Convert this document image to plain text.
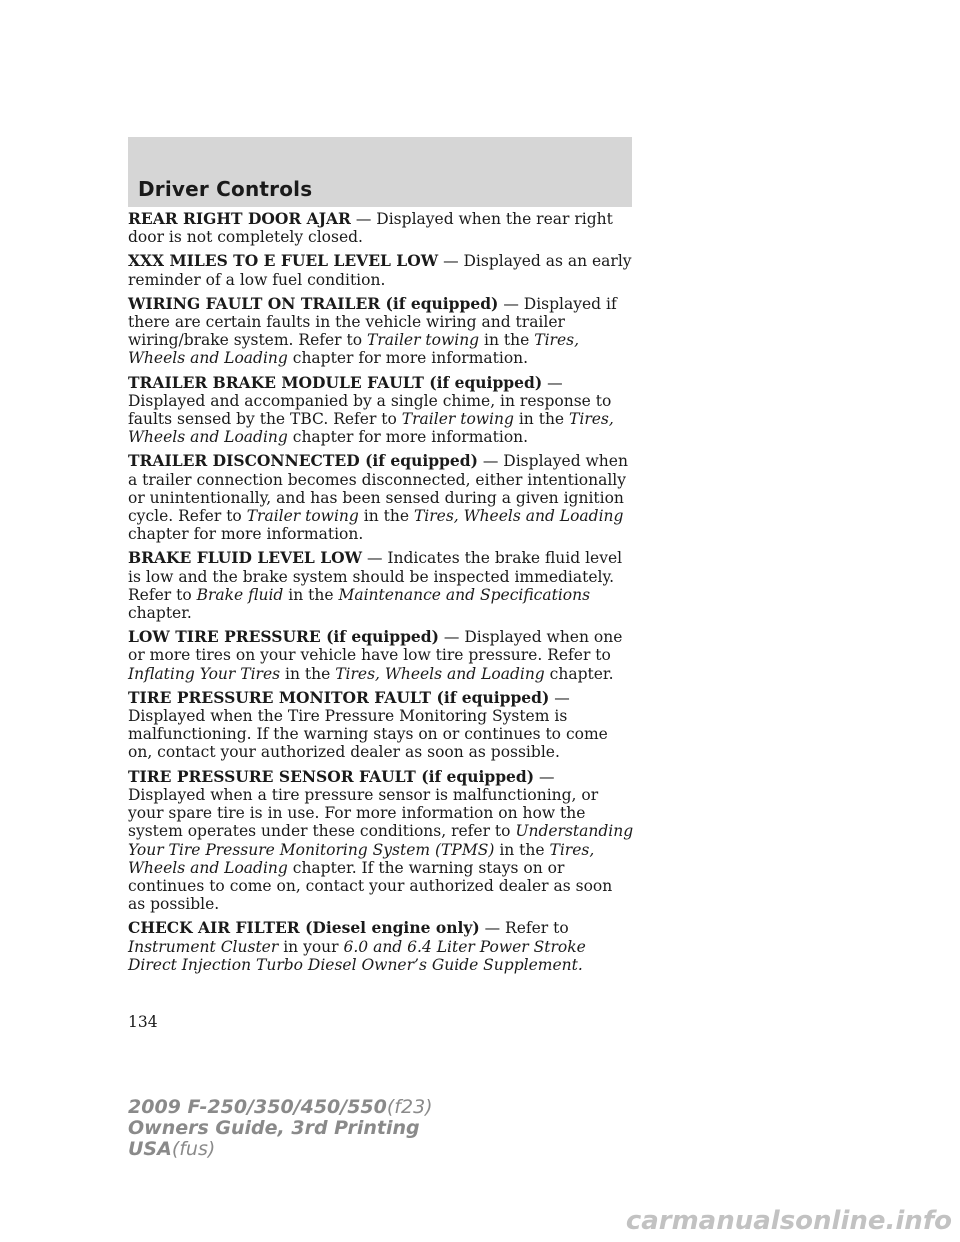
Driver Controls

REAR RIGHT DOOR AJAR — Displayed when the rear right door is not completely closed.

XXX MILES TO E FUEL LEVEL LOW — Displayed as an early reminder of a low fuel condition.

WIRING FAULT ON TRAILER (if equipped) — Displayed if there are certain faults in the vehicle wiring and trailer wiring/brake system. Refer to Trailer towing in the Tires, Wheels and Loading chapter for more information.

TRAILER BRAKE MODULE FAULT (if equipped) — Displayed and accompanied by a single chime, in response to faults sensed by the TBC. Refer to Trailer towing in the Tires, Wheels and Loading chapter for more information.

TRAILER DISCONNECTED (if equipped) — Displayed when a trailer connection becomes disconnected, either intentionally or unintentionally, and has been sensed during a given ignition cycle. Refer to Trailer towing in the Tires, Wheels and Loading chapter for more information.

BRAKE FLUID LEVEL LOW — Indicates the brake fluid level is low and the brake system should be inspected immediately. Refer to Brake fluid in the Maintenance and Specifications chapter.

LOW TIRE PRESSURE (if equipped) — Displayed when one or more tires on your vehicle have low tire pressure. Refer to Inflating Your Tires in the Tires, Wheels and Loading chapter.

TIRE PRESSURE MONITOR FAULT (if equipped) — Displayed when the Tire Pressure Monitoring System is malfunctioning. If the warning stays on or continues to come on, contact your authorized dealer as soon as possible.

TIRE PRESSURE SENSOR FAULT (if equipped) — Displayed when a tire pressure sensor is malfunctioning, or your spare tire is in use. For more information on how the system operates under these conditions, refer to Understanding Your Tire Pressure Monitoring System (TPMS) in the Tires, Wheels and Loading chapter. If the warning stays on or continues to come on, contact your authorized dealer as soon as possible.

CHECK AIR FILTER (Diesel engine only) — Refer to Instrument Cluster in your 6.0 and 6.4 Liter Power Stroke Direct Injection Turbo Diesel Owner’s Guide Supplement.

134
2009 F-250/350/450/550(f23)
Owners Guide, 3rd Printing
USA(fus)
carmanualsonline.info
